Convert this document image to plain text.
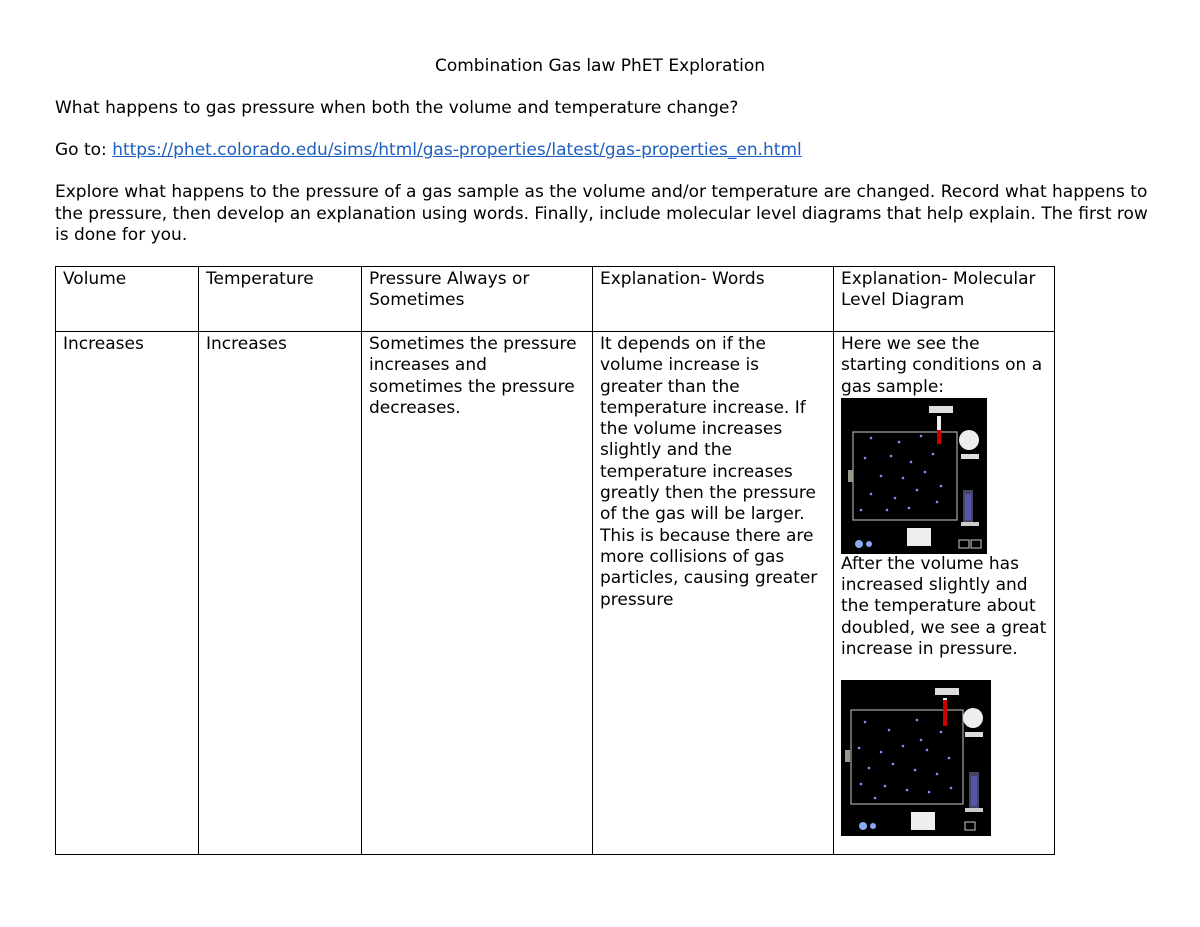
Combination Gas law PhET Exploration
What happens to gas pressure when both the volume and temperature change?
Go to: https://phet.colorado.edu/sims/html/gas-properties/latest/gas-properties_en.html
Explore what happens to the pressure of a gas sample as the volume and/or temperature are changed. Record what happens to the pressure, then develop an explanation using words. Finally, include molecular level diagrams that help explain. The first row is done for you.
Volume	Temperature	Pressure Always or Sometimes	Explanation- Words	Explanation- Molecular Level Diagram
Increases	Increases	Sometimes the pressure increases and sometimes the pressure decreases.	It depends on if the volume increase is greater than the temperature increase. If the volume increases slightly and the temperature increases greatly then the pressure of the gas will be larger. This is because there are more collisions of gas particles, causing greater pressure	Here we see the starting conditions on a gas sample:
After the volume has increased slightly and the temperature about doubled, we see a great increase in pressure.
